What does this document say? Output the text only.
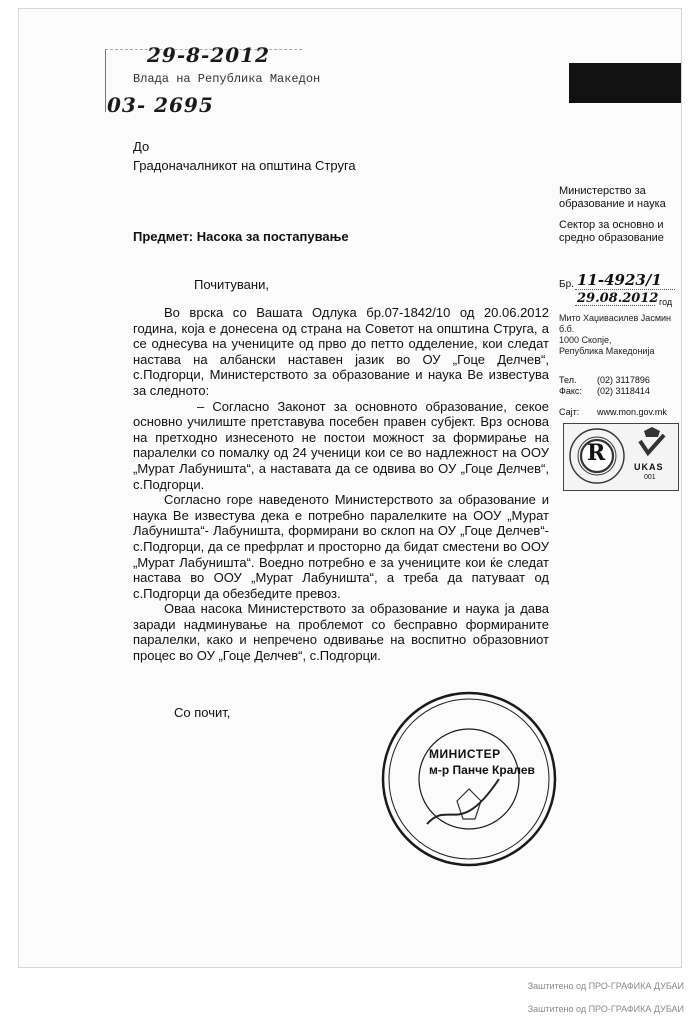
29-8-2012
Влада на Република Македон
03- 2695
До
Градоначалникот на општина Струга
Предмет: Насока за постапување
Министерство за
образование и наука
Сектор за основно и
средно образование
Бр. 11-4923/1
29.08.2012 год
Мито Хаџивасилев Јасмин
б.б.
1000 Скопје,
Република Македонија
Тел.	(02) 3117896
Факс:	(02) 3118414
Сајт:	www.mon.gov.mk
R
UKAS
001
Почитувани,

Во врска со Вашата Одлука бр.07-1842/10 од 20.06.2012 година, која е донесена од страна на Советот на општина Струга, а се однесува на учениците од прво до петто одделение, кои следат настава на албански наставен јазик во ОУ „Гоце Делчев“, с.Подгорци, Министерството за образование и наука Ве известува за следното:

– Согласно Законот за основното образование, секое основно училиште претставува посебен правен субјект. Врз основа на претходно изнесеното не постои можност за формирање на паралелки со помалку од 24 ученици кои се во надлежност на ООУ „Мурат Лабуништа“, а наставата да се одвива во ОУ „Гоце Делчев“, с.Подгорци.

Согласно горе наведеното Министерството за образование и наука Ве известува дека е потребно паралелките на ООУ „Мурат Лабуништа“- Лабуништа, формирани во склоп на ОУ „Гоце Делчев“-с.Подгорци, да се префрлат и просторно да бидат сместени во ООУ „Мурат Лабуништа“. Воедно потребно е за учениците кои ќе следат настава во ООУ „Мурат Лабуништа“, а треба да патуваат од с.Подгорци да обезбедите превоз.

Оваа насока Министерството за образование и наука ја дава заради надминување на проблемот со бесправно формираните паралелки, како и непречено одвивање на воспитно образовниот процес во ОУ „Гоце Делчев“, с.Подгорци.

Со почит,
МИНИСТЕР
м-р Панче Кралев
Заштитено од ПРО-ГРАФИКА ДУБАИ
Заштитено од ПРО-ГРАФИКА ДУБАИ
